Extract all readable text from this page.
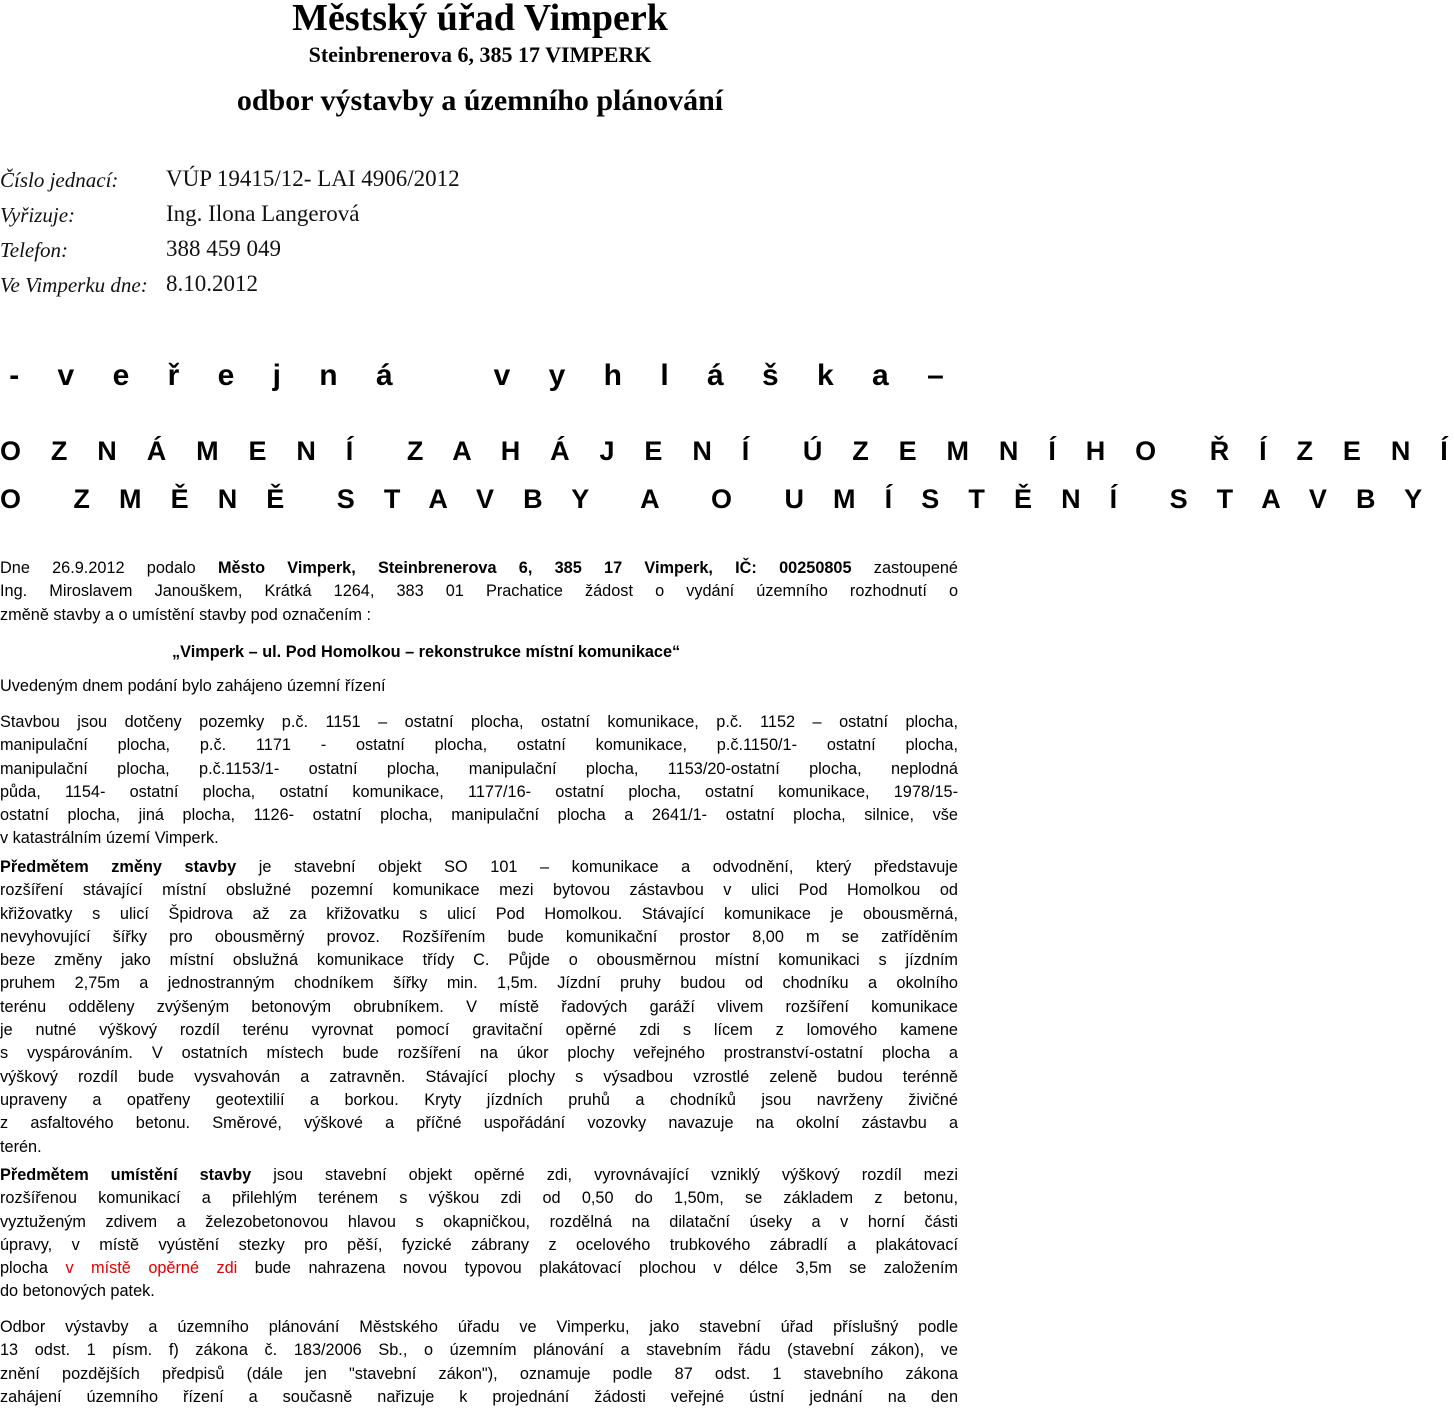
Městský úřad Vimperk
Steinbrenerova 6, 385 17 VIMPERK
odbor výstavby a územního plánování
Číslo jednací: VÚP 19415/12- LAI 4906/2012
Vyřizuje:	Ing. Ilona Langerová
Telefon:	388 459 049
Ve Vimperku dne: 8.10.2012
- v e ř e j n á   v y h l á š k a –
O Z N Á M E N Í  Z A H Á J E N Í  Ú Z E M N Í H O  Ř Í Z E N Í
O  Z M Ě N Ě  S T A V B Y  A  O  U M Í S T Ě N Í  S T A V B Y
Dne 26.9.2012 podalo Město Vimperk, Steinbrenerova 6, 385 17 Vimperk, IČ: 00250805 zastoupené
Ing. Miroslavem Janouškem, Krátká 1264, 383 01 Prachatice žádost o vydání územního rozhodnutí o
změně stavby a o umístění stavby pod označením :
„Vimperk – ul. Pod Homolkou – rekonstrukce místní komunikace“
Uvedeným dnem podání bylo zahájeno územní řízení
Stavbou jsou dotčeny pozemky p.č. 1151 – ostatní plocha, ostatní komunikace, p.č. 1152 – ostatní plocha,
manipulační plocha, p.č. 1171 - ostatní plocha, ostatní komunikace, p.č.1150/1- ostatní plocha,
manipulační plocha, p.č.1153/1- ostatní plocha, manipulační plocha, 1153/20-ostatní plocha, neplodná
půda, 1154- ostatní plocha, ostatní komunikace, 1177/16- ostatní plocha, ostatní komunikace, 1978/15-
ostatní plocha, jiná plocha, 1126- ostatní plocha, manipulační plocha a 2641/1- ostatní plocha, silnice, vše
v katastrálním území Vimperk.
Předmětem změny stavby je stavební objekt SO 101 – komunikace a odvodnění, který představuje
rozšíření stávající místní obslužné pozemní komunikace mezi bytovou zástavbou v ulici Pod Homolkou od
křižovatky s ulicí Špidrova až za křižovatku s ulicí Pod Homolkou. Stávající komunikace je obousměrná,
nevyhovující šířky pro obousměrný provoz. Rozšířením bude komunikační prostor 8,00 m se zatříděním
beze změny jako místní obslužná komunikace třídy C. Půjde o obousměrnou místní komunikaci s jízdním
pruhem 2,75m a jednostranným chodníkem šířky min. 1,5m. Jízdní pruhy budou od chodníku a okolního
terénu odděleny zvýšeným betonovým obrubníkem. V místě řadových garáží vlivem rozšíření komunikace
je nutné výškový rozdíl terénu vyrovnat pomocí gravitační opěrné zdi s lícem z lomového kamene
s vyspárováním. V ostatních místech bude rozšíření na úkor plochy veřejného prostranství-ostatní plocha a
výškový rozdíl bude vysvahován a zatravněn. Stávající plochy s výsadbou vzrostlé zeleně budou terénně
upraveny a opatřeny geotextilií a borkou. Kryty jízdních pruhů a chodníků jsou navrženy živičné
z asfaltového betonu. Směrové, výškové a příčné uspořádání vozovky navazuje na okolní zástavbu a
terén.
Předmětem umístění stavby jsou stavební objekt opěrné zdi, vyrovnávající vzniklý výškový rozdíl mezi
rozšířenou komunikací a přilehlým terénem s výškou zdi od 0,50 do 1,50m, se základem z betonu,
vyztuženým zdivem a železobetonovou hlavou s okapničkou, rozdělná na dilatační úseky a v horní části
úpravy, v místě vyústění stezky pro pěší, fyzické zábrany z ocelového trubkového zábradlí a plakátovací
plocha v místě opěrné zdi bude nahrazena novou typovou plakátovací plochou v délce 3,5m se založením
do betonových patek.
Odbor výstavby a územního plánování Městského úřadu ve Vimperku, jako stavební úřad příslušný podle
13 odst. 1 písm. f) zákona č. 183/2006 Sb., o územním plánování a stavebním řádu (stavební zákon), ve
znění pozdějších předpisů (dále jen "stavební zákon"), oznamuje podle 87 odst. 1 stavebního zákona
zahájení územního řízení a současně nařizuje k projednání žádosti veřejné ústní jednání na den
